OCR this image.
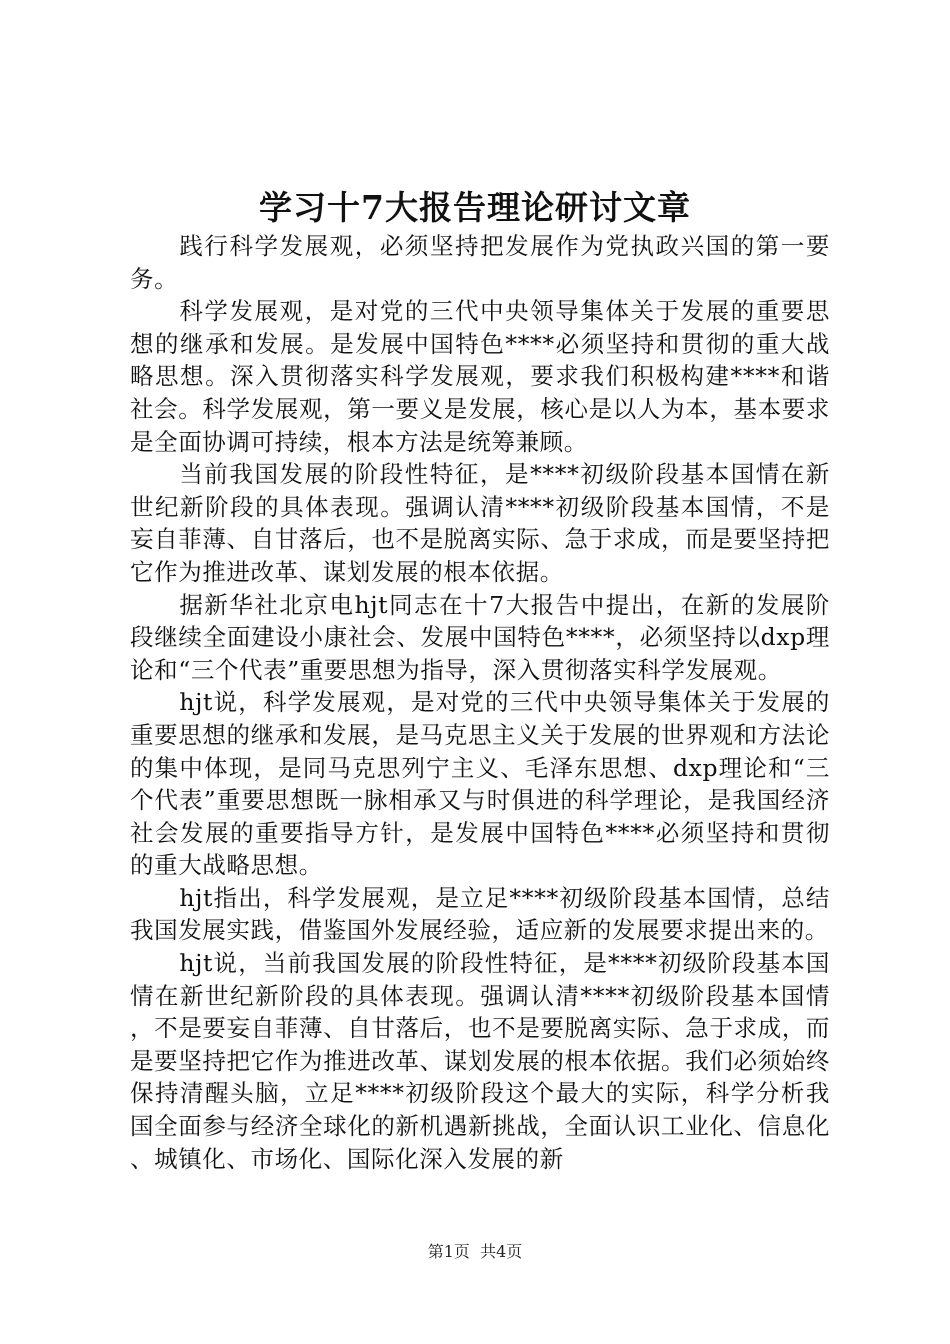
学习十7大报告理论研讨文章

践行科学发展观，必须坚持把发展作为党执政兴国的第一要务。

科学发展观，是对党的三代中央领导集体关于发展的重要思想的继承和发展。是发展中国特色****必须坚持和贯彻的重大战略思想。深入贯彻落实科学发展观，要求我们积极构建****和谐社会。科学发展观，第一要义是发展，核心是以人为本，基本要求是全面协调可持续，根本方法是统筹兼顾。

当前我国发展的阶段性特征，是****初级阶段基本国情在新世纪新阶段的具体表现。强调认清****初级阶段基本国情，不是妄自菲薄、自甘落后，也不是脱离实际、急于求成，而是要坚持把它作为推进改革、谋划发展的根本依据。

据新华社北京电hjt同志在十7大报告中提出，在新的发展阶段继续全面建设小康社会、发展中国特色****，必须坚持以dxp理论和“三个代表”重要思想为指导，深入贯彻落实科学发展观。

hjt说，科学发展观，是对党的三代中央领导集体关于发展的重要思想的继承和发展，是马克思主义关于发展的世界观和方法论的集中体现，是同马克思列宁主义、毛泽东思想、dxp理论和“三个代表”重要思想既一脉相承又与时俱进的科学理论，是我国经济社会发展的重要指导方针，是发展中国特色****必须坚持和贯彻的重大战略思想。

hjt指出，科学发展观，是立足****初级阶段基本国情，总结我国发展实践，借鉴国外发展经验，适应新的发展要求提出来的。

hjt说，当前我国发展的阶段性特征，是****初级阶段基本国情在新世纪新阶段的具体表现。强调认清****初级阶段基本国情，不是要妄自菲薄、自甘落后，也不是要脱离实际、急于求成，而是要坚持把它作为推进改革、谋划发展的根本依据。我们必须始终保持清醒头脑，立足****初级阶段这个最大的实际，科学分析我国全面参与经济全球化的新机遇新挑战，全面认识工业化、信息化、城镇化、市场化、国际化深入发展的新

第1页  共4页
